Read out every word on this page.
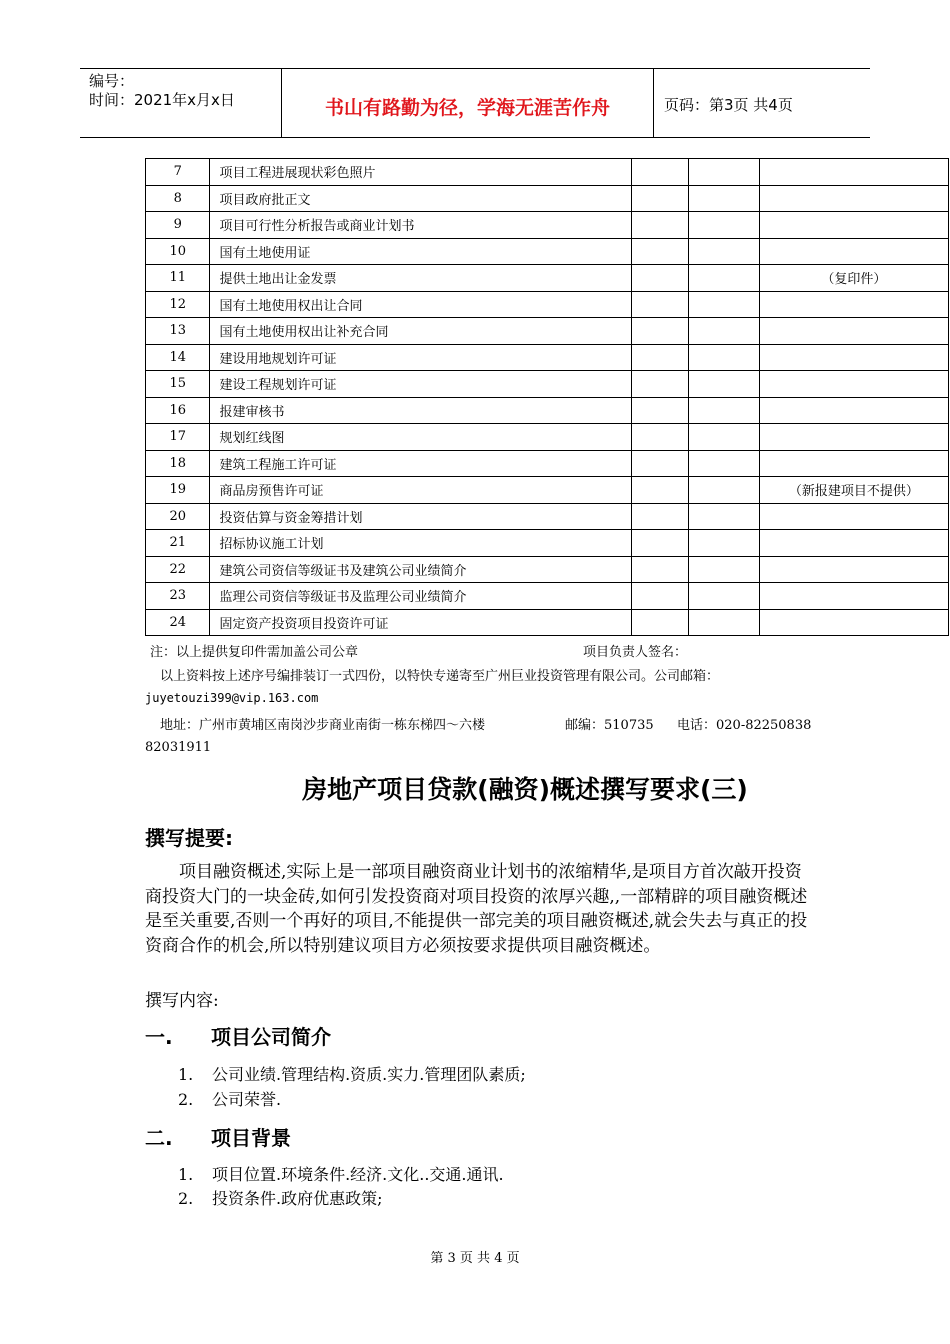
编号：
时间：2021年x月x日	书山有路勤为径，学海无涯苦作舟	页码：第3页 共4页
7	项目工程进展现状彩色照片			
8	项目政府批正文			
9	项目可行性分析报告或商业计划书			
10	国有土地使用证			
11	提供土地出让金发票			（复印件）
12	国有土地使用权出让合同			
13	国有土地使用权出让补充合同			
14	建设用地规划许可证			
15	建设工程规划许可证			
16	报建审核书			
17	规划红线图			
18	建筑工程施工许可证			
19	商品房预售许可证			（新报建项目不提供）
20	投资估算与资金筹措计划			
21	招标协议施工计划			
22	建筑公司资信等级证书及建筑公司业绩简介			
23	监理公司资信等级证书及监理公司业绩简介			
24	固定资产投资项目投资许可证			
注：以上提供复印件需加盖公司公章	项目负责人签名：
以上资料按上述序号编排装订一式四份，以特快专递寄至广州巨业投资管理有限公司。公司邮箱：
juyetouzi399@vip.163.com
地址：广州市黄埔区南岗沙步商业南街一栋东梯四～六楼	邮编：510735 电话：020-82250838
82031911
房地产项目贷款(融资)概述撰写要求(三)
撰写提要:

项目融资概述,实际上是一部项目融资商业计划书的浓缩精华,是项目方首次敲开投资商投资大门的一块金砖,如何引发投资商对项目投资的浓厚兴趣,,一部精辟的项目融资概述是至关重要,否则一个再好的项目,不能提供一部完美的项目融资概述,就会失去与真正的投资商合作的机会,所以特别建议项目方必须按要求提供项目融资概述。

撰写内容:
一. 项目公司简介
1. 公司业绩.管理结构.资质.实力.管理团队素质;
2. 公司荣誉.
二. 项目背景
1. 项目位置.环境条件.经济.文化..交通.通讯.
2. 投资条件.政府优惠政策;
第 3 页 共 4 页
